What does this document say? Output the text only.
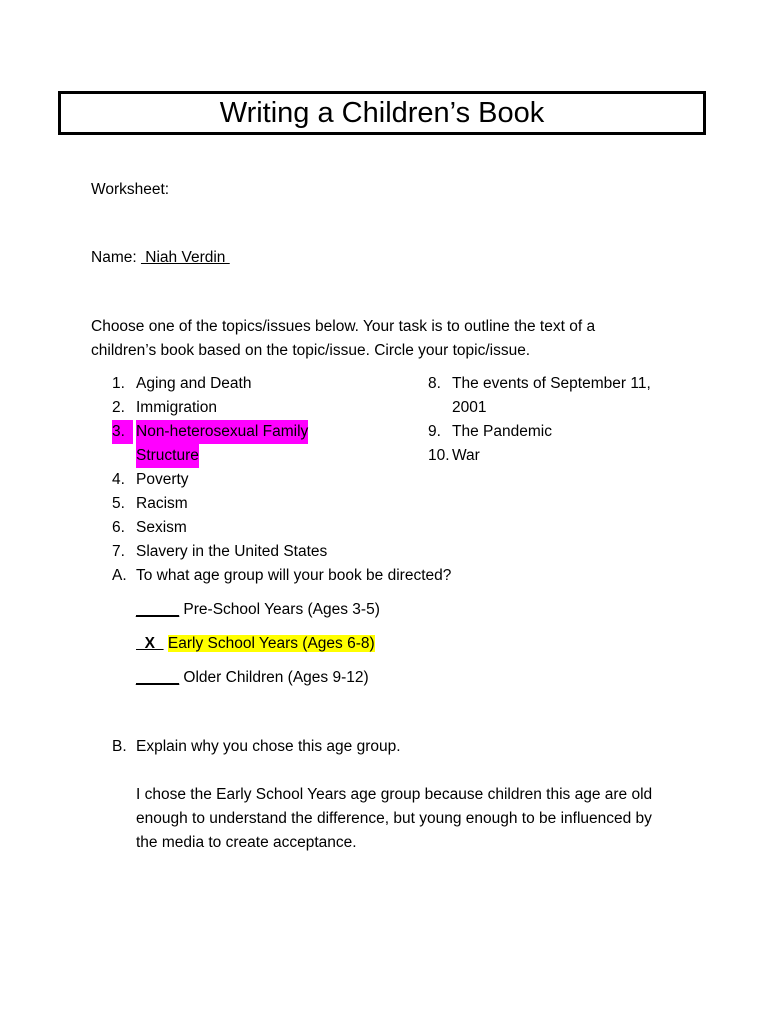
Writing a Children’s Book
Worksheet:
Name:  Niah Verdin
Choose one of the topics/issues below. Your task is to outline the text of a
children’s book based on the topic/issue. Circle your topic/issue.
1. Aging and Death
2. Immigration
3. Non-heterosexual Family
Structure
4. Poverty
5. Racism
6. Sexism
7. Slavery in the United States
8. The events of September 11,
2001
9. The Pandemic
10. War
A. To what age group will your book be directed?
_____ Pre-School Years (Ages 3-5)
X   Early School Years (Ages 6-8)
_____ Older Children (Ages 9-12)
B. Explain why you chose this age group.
I chose the Early School Years age group because children this age are old enough to understand the difference, but young enough to be influenced by the media to create acceptance.
